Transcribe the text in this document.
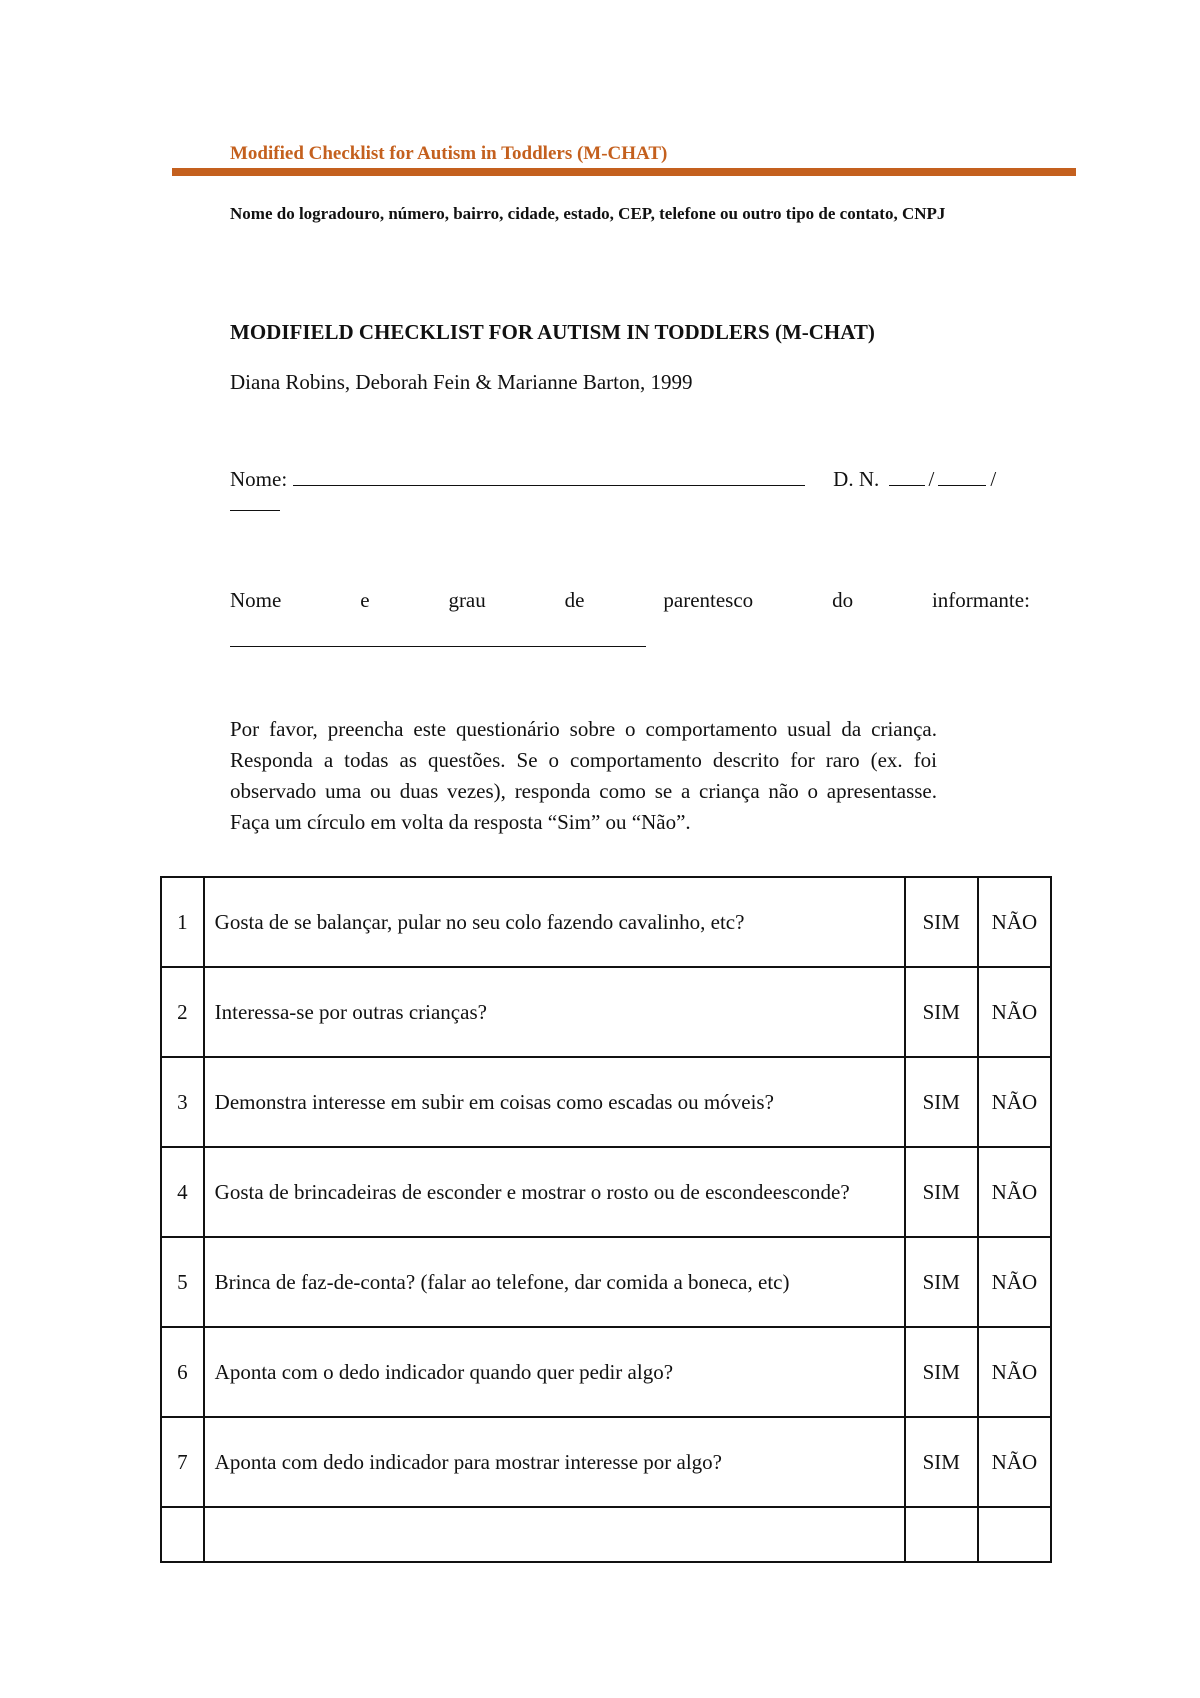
Modified Checklist for Autism in Toddlers (M-CHAT)
Nome do logradouro, número, bairro, cidade, estado, CEP, telefone ou outro tipo de contato, CNPJ
MODIFIELD CHECKLIST FOR AUTISM IN TODDLERS (M-CHAT)
Diana Robins, Deborah Fein & Marianne Barton, 1999
Nome:	D. N. /	/
Nome	e	grau	de	parentesco	do	informante:
Por favor, preencha este questionário sobre o comportamento usual da criança. Responda a todas as questões. Se o comportamento descrito for raro (ex. foi observado uma ou duas vezes), responda como se a criança não o apresentasse. Faça um círculo em volta da resposta “Sim” ou “Não”.
1	Gosta de se balançar, pular no seu colo fazendo cavalinho, etc?	SIM	NÃO
2	Interessa-se por outras crianças?	SIM	NÃO
3	Demonstra interesse em subir em coisas como escadas ou móveis?	SIM	NÃO
4	Gosta de brincadeiras de esconder e mostrar o rosto ou de escondeesconde?	SIM	NÃO
5	Brinca de faz-de-conta? (falar ao telefone, dar comida a boneca, etc)	SIM	NÃO
6	Aponta com o dedo indicador quando quer pedir algo?	SIM	NÃO
7	Aponta com dedo indicador para mostrar interesse por algo?	SIM	NÃO
